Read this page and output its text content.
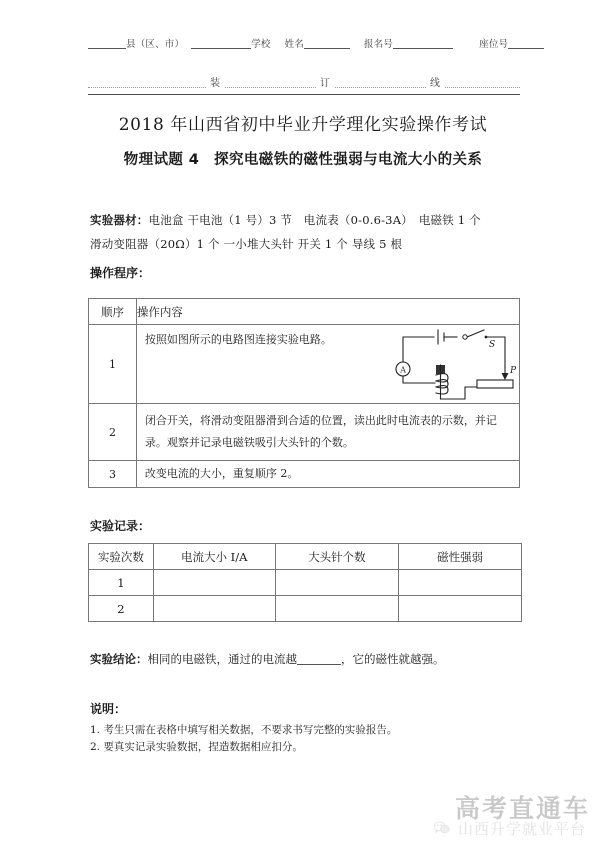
县（区、市）	学校 姓名	报名号	座位号
装	订	线
2018 年山西省初中毕业升学理化实验操作考试
物理试题 4　探究电磁铁的磁性强弱与电流大小的关系
实验器材：电池盒 干电池（1 号）3 节　电流表（0-0.6-3A）　电磁铁 1 个
滑动变阻器（20Ω）1 个 一小堆大头针 开关 1 个 导线 5 根
操作程序：
顺序	操作内容
1	按照如图所示的电路图连接实验电路。
A
S
P

2	闭合开关，将滑动变阻器滑到合适的位置，读出此时电流表的示数，并记录。观察并记录电磁铁吸引大头针的个数。

3	改变电流的大小，重复顺序 2。
实验记录：
实验次数	电流大小 I/A	大头针个数	磁性强弱
1			
2			
实验结论：相同的电磁铁，通过的电流越	，它的磁性就越强。
说明：
1. 考生只需在表格中填写相关数据，不要求书写完整的实验报告。
2. 要真实记录实验数据，捏造数据相应扣分。
高考直通车
山西升学就业平台
